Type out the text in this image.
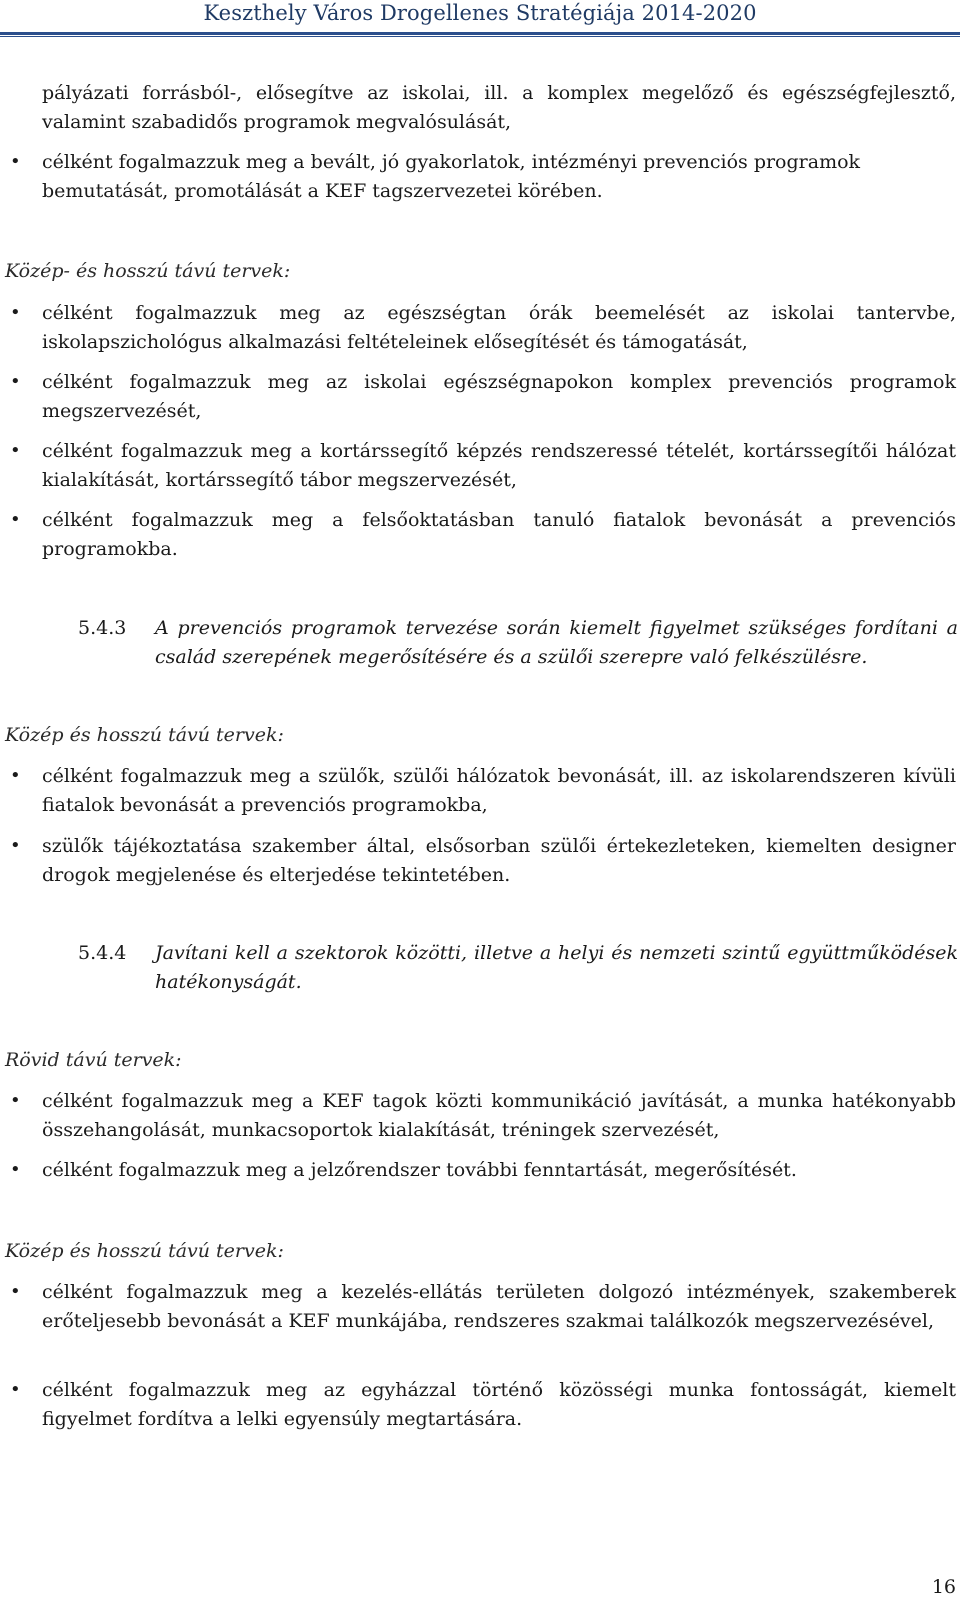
Keszthely Város Drogellenes Stratégiája 2014-2020
pályázati forrásból-, elősegítve az iskolai, ill. a komplex megelőző és egészségfejlesztő, valamint szabadidős programok megvalósulását,
• célként fogalmazzuk meg a bevált, jó gyakorlatok, intézményi prevenciós programok bemutatását, promotálását a KEF tagszervezetei körében.
Közép- és hosszú távú tervek:
• célként fogalmazzuk meg az egészségtan órák beemelését az iskolai tantervbe, iskolapszichológus alkalmazási feltételeinek elősegítését és támogatását,
• célként fogalmazzuk meg az iskolai egészségnapokon komplex prevenciós programok megszervezését,
• célként fogalmazzuk meg a kortárssegítő képzés rendszeressé tételét, kortárssegítői hálózat kialakítását, kortárssegítő tábor megszervezését,
• célként fogalmazzuk meg a felsőoktatásban tanuló fiatalok bevonását a prevenciós programokba.
5.4.3 A prevenciós programok tervezése során kiemelt figyelmet szükséges fordítani a család szerepének megerősítésére és a szülői szerepre való felkészülésre.
Közép és hosszú távú tervek:
• célként fogalmazzuk meg a szülők, szülői hálózatok bevonását, ill. az iskolarendszeren kívüli fiatalok bevonását a prevenciós programokba,
• szülők tájékoztatása szakember által, elsősorban szülői értekezleteken, kiemelten designer drogok megjelenése és elterjedése tekintetében.
5.4.4 Javítani kell a szektorok közötti, illetve a helyi és nemzeti szintű együttműködések hatékonyságát.
Rövid távú tervek:
• célként fogalmazzuk meg a KEF tagok közti kommunikáció javítását, a munka hatékonyabb összehangolását, munkacsoportok kialakítását, tréningek szervezését,
• célként fogalmazzuk meg a jelzőrendszer további fenntartását, megerősítését.
Közép és hosszú távú tervek:
• célként fogalmazzuk meg a kezelés-ellátás területen dolgozó intézmények, szakemberek erőteljesebb bevonását a KEF munkájába, rendszeres szakmai találkozók megszervezésével,
• célként fogalmazzuk meg az egyházzal történő közösségi munka fontosságát, kiemelt figyelmet fordítva a lelki egyensúly megtartására.
16
